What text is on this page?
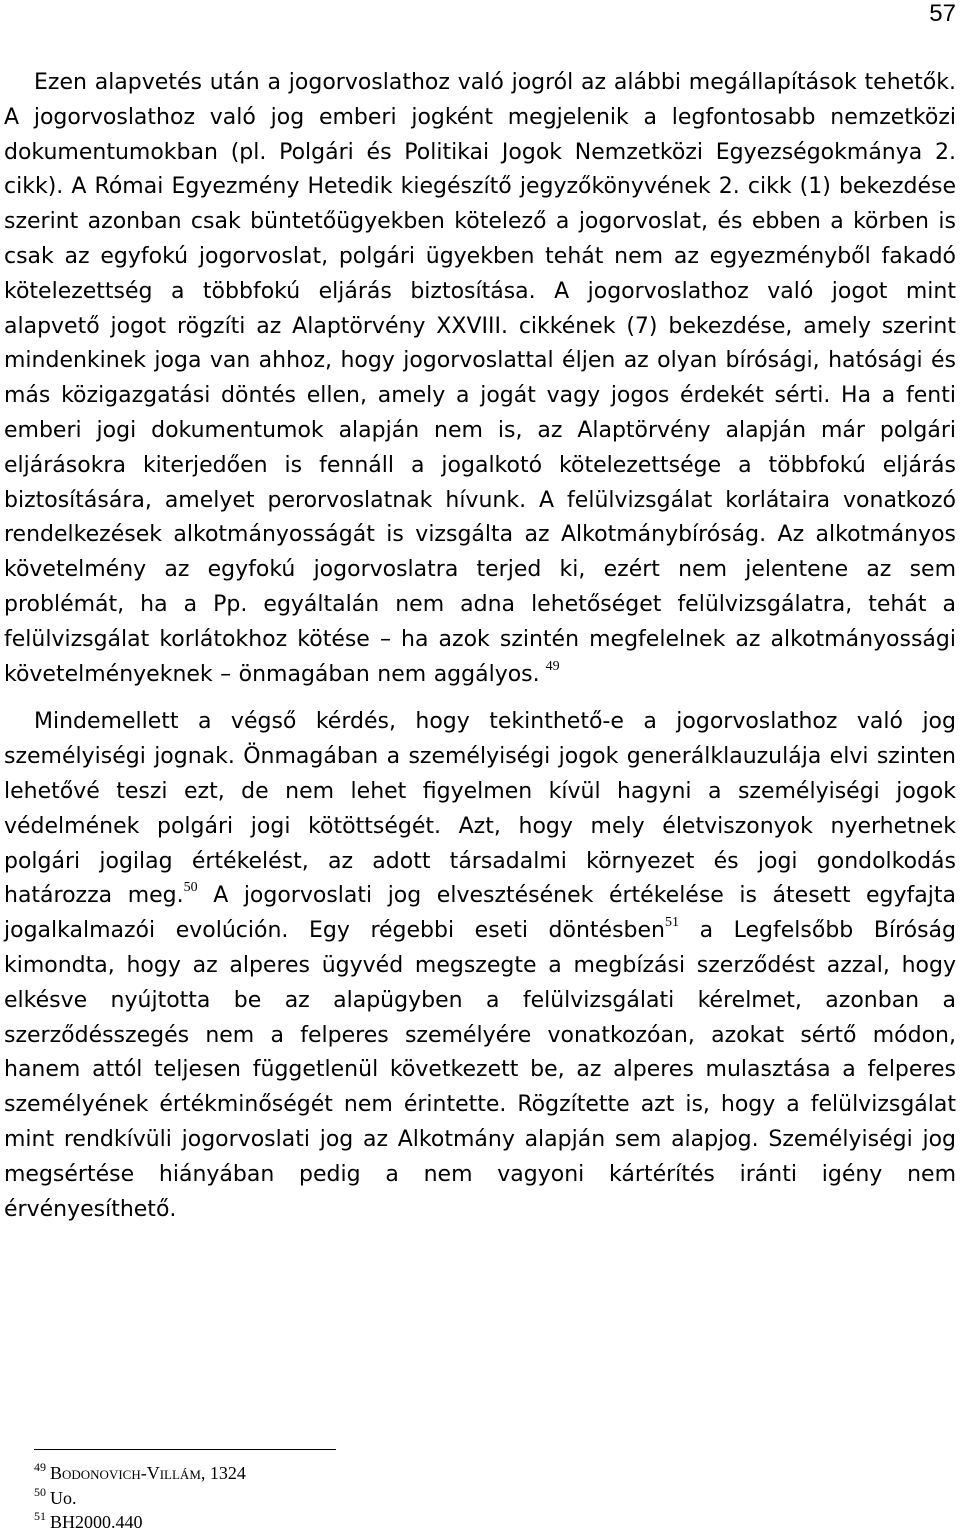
57

Ezen alapvetés után a jogorvoslathoz való jogról az alábbi megállapítások tehetők. A jogorvoslathoz való jog emberi jogként megjelenik a legfontosabb nemzetközi dokumentumokban (pl. Polgári és Politikai Jogok Nemzetközi Egyezségokmánya 2. cikk). A Római Egyezmény Hetedik kiegészítő jegyzőkönyvének 2. cikk (1) bekezdése szerint azonban csak büntetőügyekben kötelező a jogorvoslat, és ebben a körben is csak az egyfokú jogorvoslat, polgári ügyekben tehát nem az egyezményből fakadó kötelezettség a többfokú eljárás biztosítása. A jogorvoslathoz való jogot mint alapvető jogot rögzíti az Alaptörvény XXVIII. cikkének (7) bekezdése, amely szerint mindenkinek joga van ahhoz, hogy jogorvoslattal éljen az olyan bírósági, hatósági és más közigazgatási döntés ellen, amely a jogát vagy jogos érdekét sérti. Ha a fenti emberi jogi dokumentumok alapján nem is, az Alaptörvény alapján már polgári eljárásokra kiterjedően is fennáll a jogalkotó kötelezettsége a többfokú eljárás biztosítására, amelyet perorvoslatnak hívunk. A felülvizsgálat korlátaira vonatkozó rendelkezések alkotmányosságát is vizsgálta az Alkotmánybíróság. Az alkotmányos követelmény az egyfokú jogorvoslatra terjed ki, ezért nem jelentene az sem problémát, ha a Pp. egyáltalán nem adna lehetőséget felülvizsgálatra, tehát a felülvizsgálat korlátokhoz kötése – ha azok szintén megfelelnek az alkotmányossági követelményeknek – önmagában nem aggályos. $^{49}$

Mindemellett a végső kérdés, hogy tekinthető-e a jogorvoslathoz való jog személyiségi jognak. Önmagában a személyiségi jogok generálklauzulája elvi szinten lehetővé teszi ezt, de nem lehet figyelmen kívül hagyni a személyiségi jogok védelmének polgári jogi kötöttségét. Azt, hogy mely életviszonyok nyerhetnek polgári jogilag értékelést, az adott társadalmi környezet és jogi gondolkodás határozza meg.$^{50}$ A jogorvoslati jog elvesztésének értékelése is átesett egyfajta jogalkalmazói evolúción. Egy régebbi eseti döntésben$^{51}$ a Legfelsőbb Bíróság kimondta, hogy az alperes ügyvéd megszegte a megbízási szerződést azzal, hogy elkésve nyújtotta be az alapügyben a felülvizsgálati kérelmet, azonban a szerződésszegés nem a felperes személyére vonatkozóan, azokat sértő módon, hanem attól teljesen függetlenül következett be, az alperes mulasztása a felperes személyének értékminőségét nem érintette. Rögzítette azt is, hogy a felülvizsgálat mint rendkívüli jogorvoslati jog az Alkotmány alapján sem alapjog. Személyiségi jog megsértése hiányában pedig a nem vagyoni kártérítés iránti igény nem érvényesíthető.

$^{49}$ Bodonovich-Villám, 1324
$^{50}$ Uo.
$^{51}$ BH2000.440
